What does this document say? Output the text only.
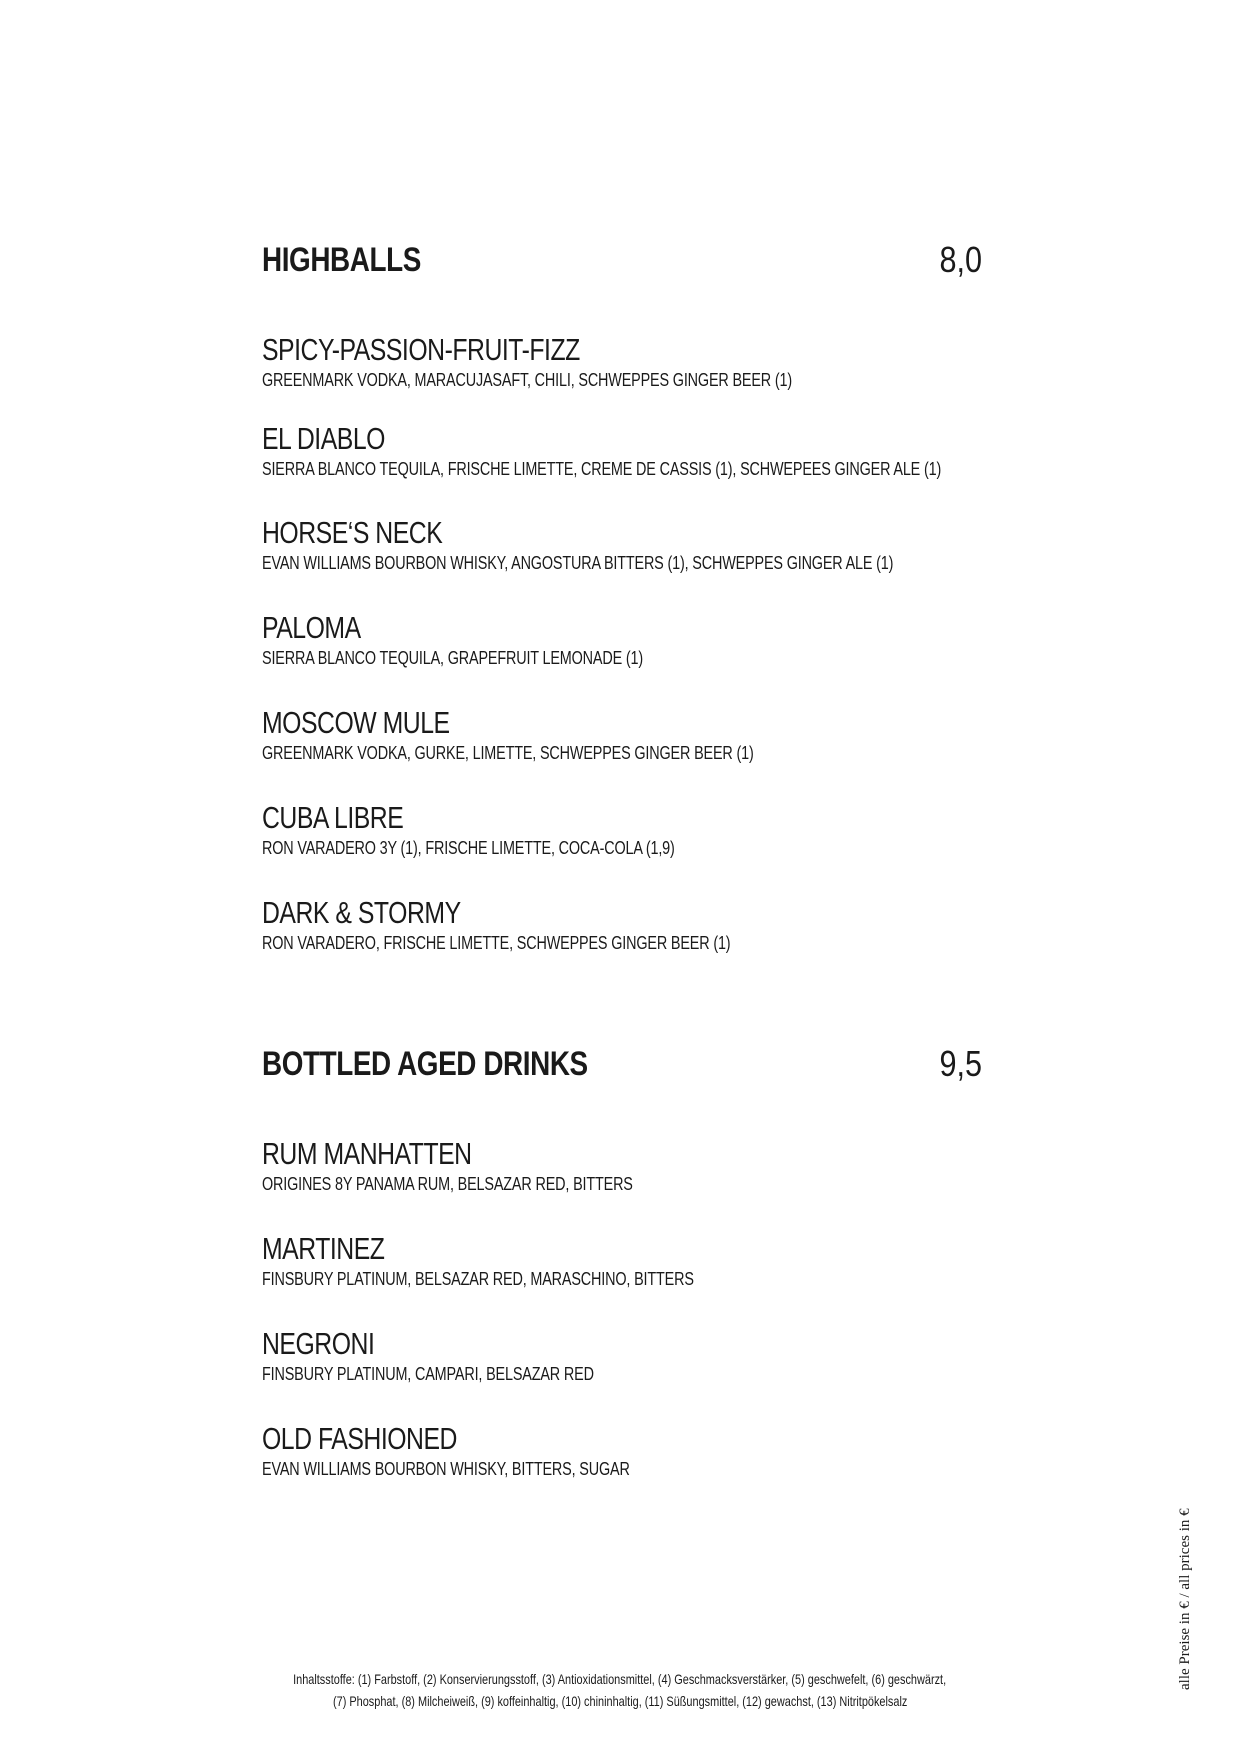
HIGHBALLS	8,0
SPICY-PASSION-FRUIT-FIZZ
GREENMARK VODKA, MARACUJASAFT, CHILI, SCHWEPPES GINGER BEER (1)
EL DIABLO
SIERRA BLANCO TEQUILA, FRISCHE LIMETTE, CREME DE CASSIS (1), SCHWEPEES GINGER ALE (1)
HORSE‘S NECK
EVAN WILLIAMS BOURBON WHISKY, ANGOSTURA BITTERS (1), SCHWEPPES GINGER ALE (1)
PALOMA
SIERRA BLANCO TEQUILA, GRAPEFRUIT LEMONADE (1)
MOSCOW MULE
GREENMARK VODKA, GURKE, LIMETTE, SCHWEPPES GINGER BEER (1)
CUBA LIBRE
RON VARADERO 3Y (1), FRISCHE LIMETTE, COCA-COLA (1,9)
DARK & STORMY
RON VARADERO, FRISCHE LIMETTE, SCHWEPPES GINGER BEER (1)
BOTTLED AGED DRINKS	9,5
RUM MANHATTEN
ORIGINES 8Y PANAMA RUM, BELSAZAR RED, BITTERS
MARTINEZ
FINSBURY PLATINUM, BELSAZAR RED, MARASCHINO, BITTERS
NEGRONI
FINSBURY PLATINUM, CAMPARI, BELSAZAR RED
OLD FASHIONED
EVAN WILLIAMS BOURBON WHISKY, BITTERS, SUGAR
Inhaltsstoffe: (1) Farbstoff, (2) Konservierungsstoff, (3) Antioxidationsmittel, (4) Geschmacksverstärker, (5) geschwefelt, (6) geschwärzt,
(7) Phosphat, (8) Milcheiweiß, (9) koffeinhaltig, (10) chininhaltig, (11) Süßungsmittel, (12) gewachst, (13) Nitritpökelsalz
alle Preise in € / all prices in €
